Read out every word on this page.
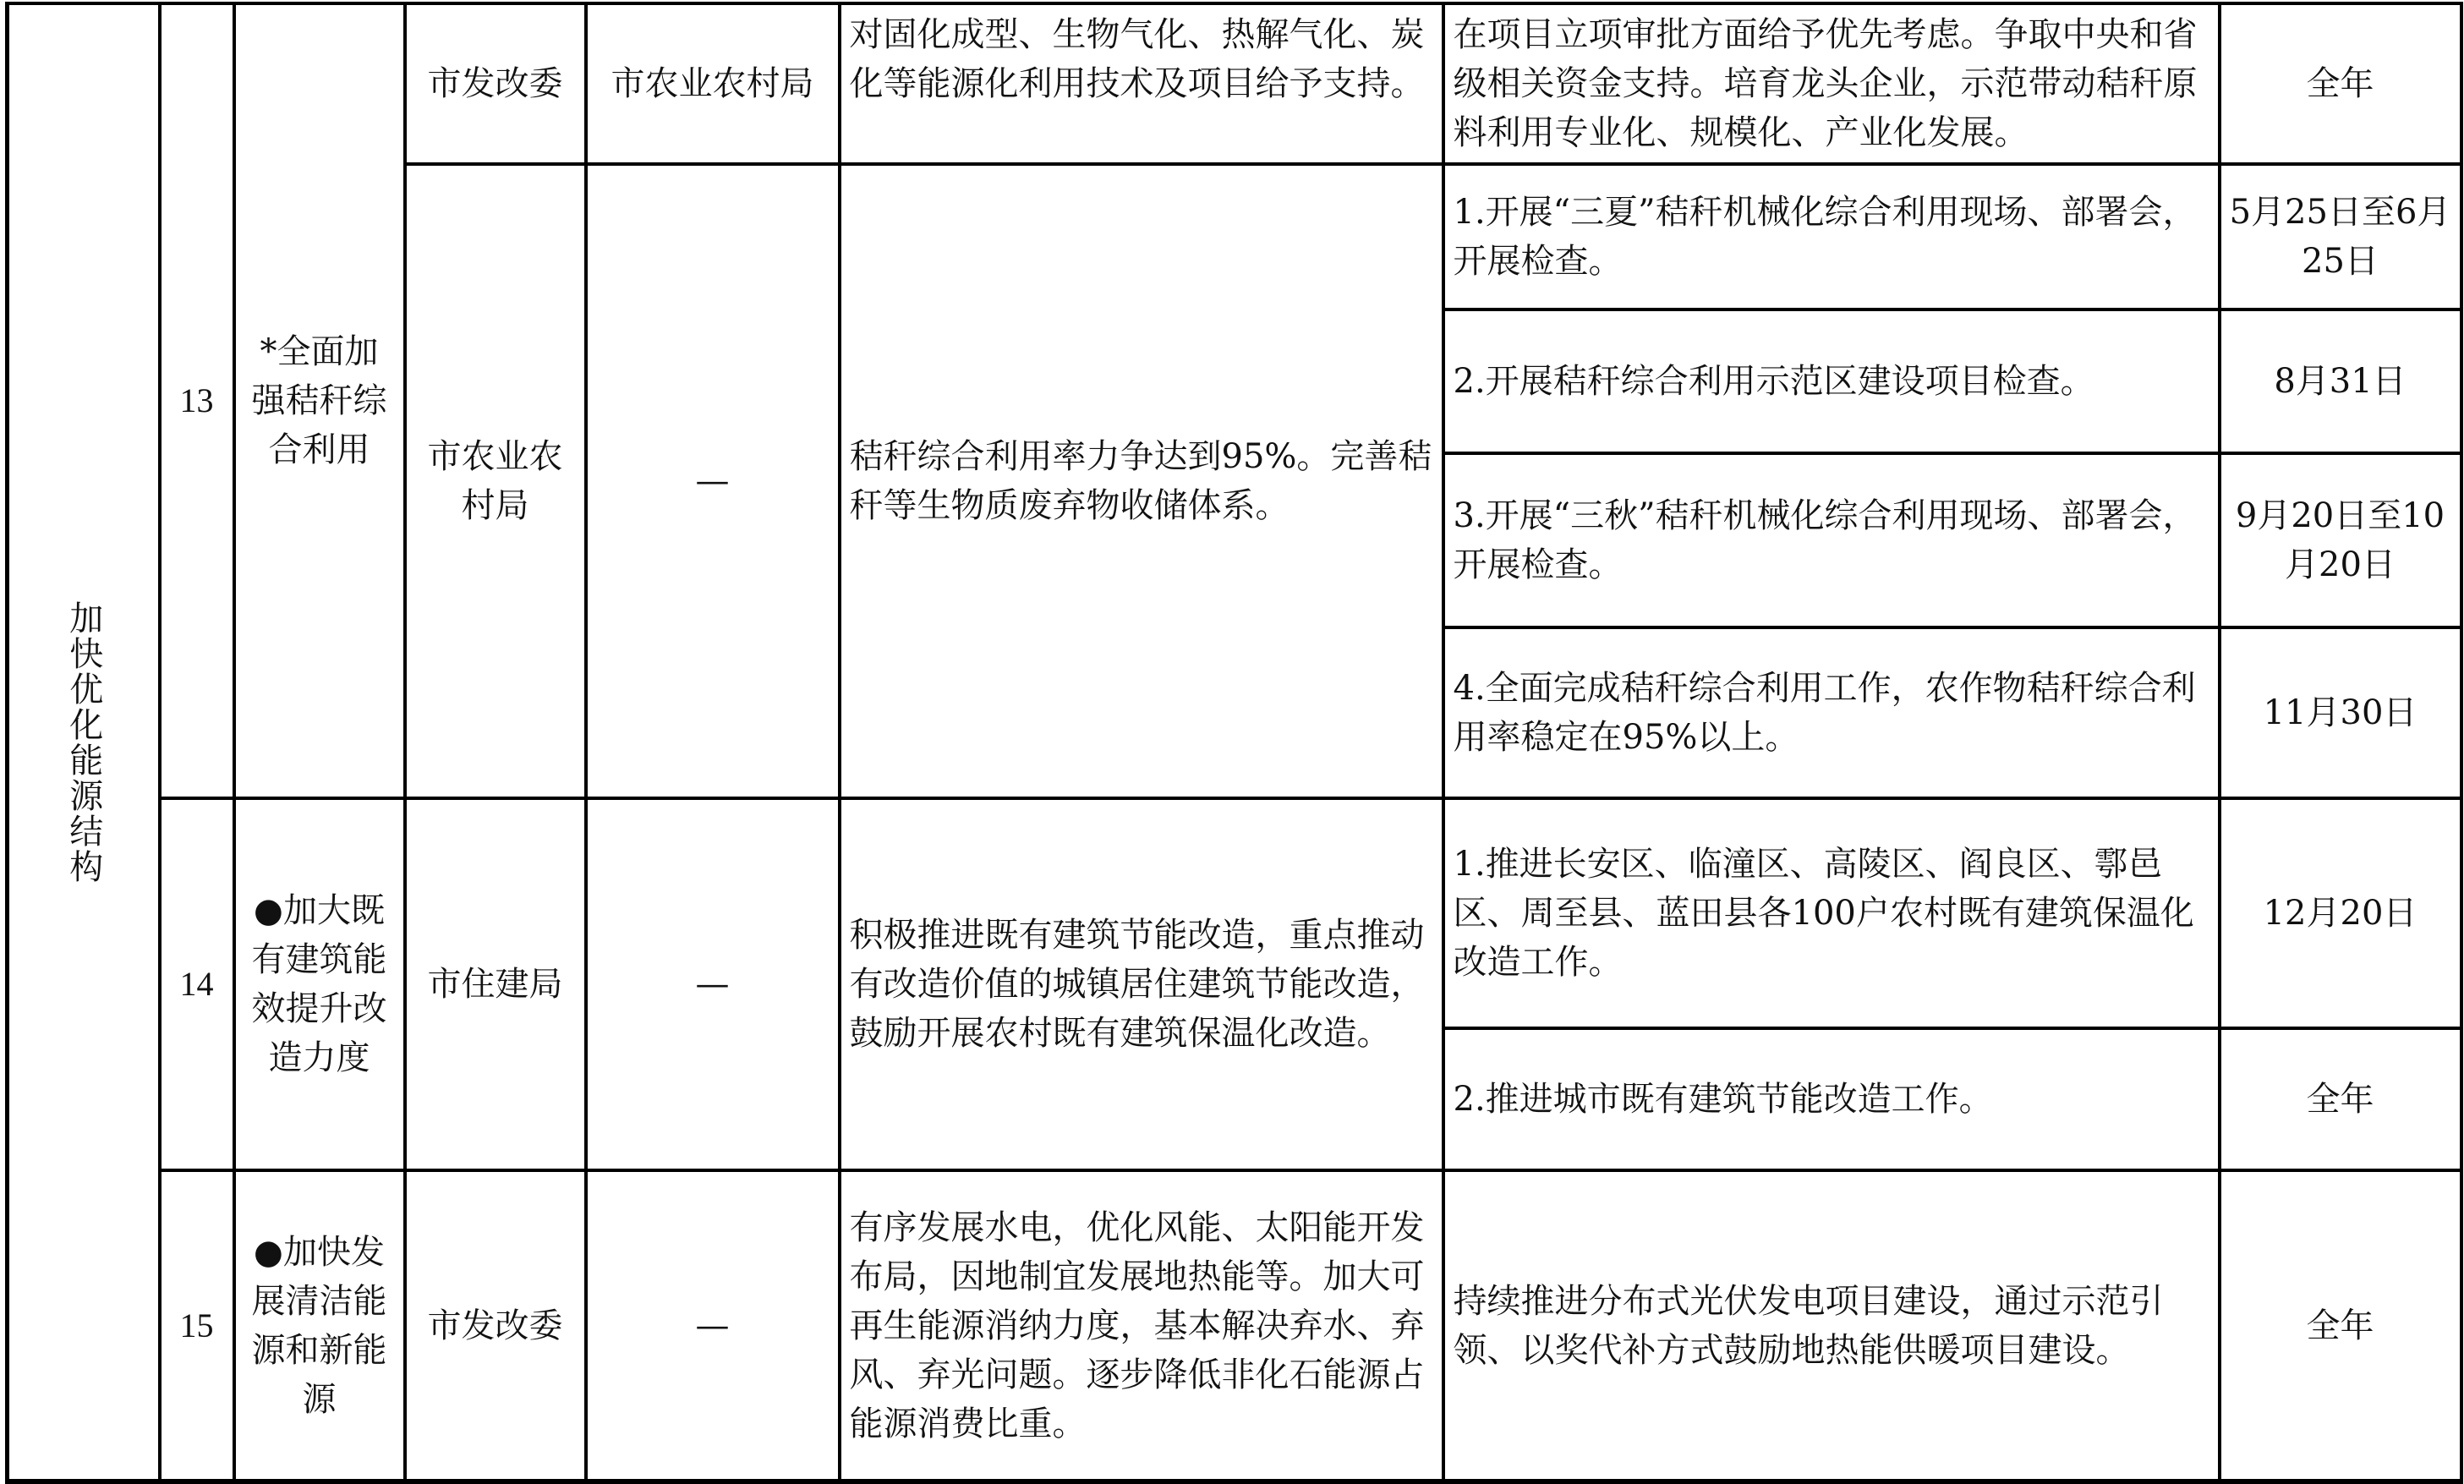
加快优化能源结构	13	*全面加强秸秆综合利用	市发改委	市农业农村局	对固化成型、生物气化、热解气化、炭化等能源化利用技术及项目给予支持。	在项目立项审批方面给予优先考虑。争取中央和省级相关资金支持。培育龙头企业，示范带动秸秆原料利用专业化、规模化、产业化发展。	全年
			市农业农村局	—	秸秆综合利用率力争达到95%。完善秸秆等生物质废弃物收储体系。	1.开展“三夏”秸秆机械化综合利用现场、部署会，开展检查。	5月25日至6月25日
						2.开展秸秆综合利用示范区建设项目检查。	8月31日
						3.开展“三秋”秸秆机械化综合利用现场、部署会，开展检查。	9月20日至10月20日
						4.全面完成秸秆综合利用工作，农作物秸秆综合利用率稳定在95%以上。	11月30日

	14	●加大既有建筑能效提升改造力度	市住建局	—	积极推进既有建筑节能改造，重点推动有改造价值的城镇居住建筑节能改造，鼓励开展农村既有建筑保温化改造。	1.推进长安区、临潼区、高陵区、阎良区、鄠邑区、周至县、蓝田县各100户农村既有建筑保温化改造工作。	12月20日
						2.推进城市既有建筑节能改造工作。	全年
	15	●加快发展清洁能源和新能源	市发改委	—	有序发展水电，优化风能、太阳能开发布局，因地制宜发展地热能等。加大可再生能源消纳力度，基本解决弃水、弃风、弃光问题。逐步降低非化石能源占能源消费比重。	持续推进分布式光伏发电项目建设，通过示范引领、以奖代补方式鼓励地热能供暖项目建设。	全年
